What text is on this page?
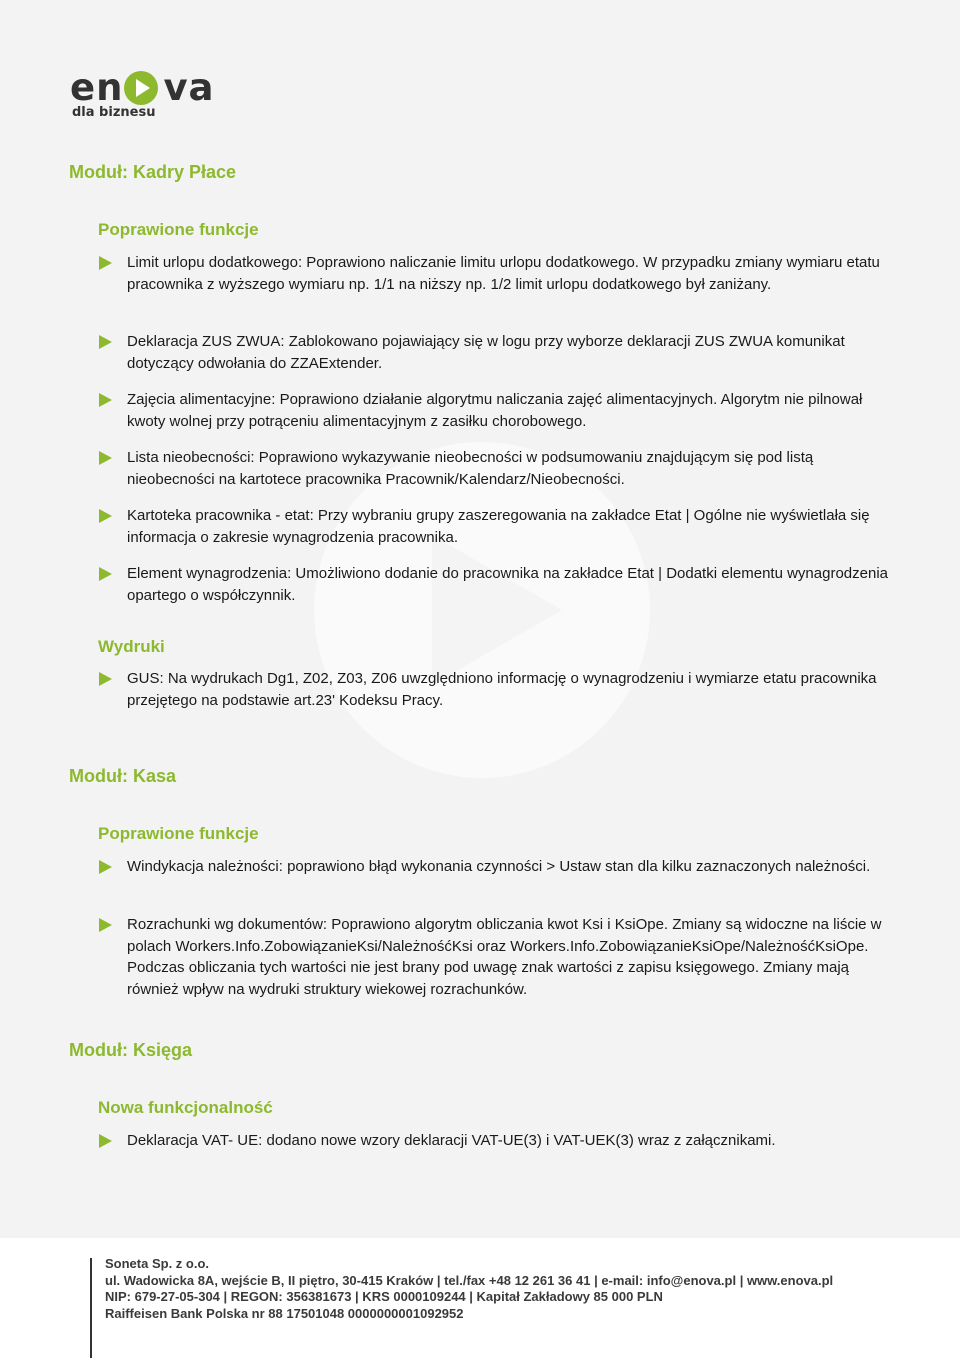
en va
dla biznesu
Moduł: Kadry Płace
Poprawione funkcje
Limit urlopu dodatkowego: Poprawiono naliczanie limitu urlopu dodatkowego. W przypadku zmiany wymiaru etatu pracownika z wyższego wymiaru np. 1/1 na niższy np. 1/2 limit urlopu dodatkowego był zaniżany.
Deklaracja ZUS ZWUA: Zablokowano pojawiający się w logu przy wyborze deklaracji ZUS ZWUA komunikat dotyczący odwołania do ZZAExtender.
Zajęcia alimentacyjne: Poprawiono działanie algorytmu naliczania zajęć alimentacyjnych. Algorytm nie pilnował kwoty wolnej przy potrąceniu alimentacyjnym z zasiłku chorobowego.
Lista nieobecności: Poprawiono wykazywanie nieobecności w podsumowaniu znajdującym się pod listą nieobecności na kartotece pracownika Pracownik/Kalendarz/Nieobecności.
Kartoteka pracownika - etat: Przy wybraniu grupy zaszeregowania na zakładce Etat | Ogólne nie wyświetlała się informacja o zakresie wynagrodzenia pracownika.
Element wynagrodzenia: Umożliwiono dodanie do pracownika na zakładce Etat | Dodatki elementu wynagrodzenia opartego o współczynnik.
Wydruki
GUS: Na wydrukach Dg1, Z02, Z03, Z06 uwzględniono informację o wynagrodzeniu i wymiarze etatu pracownika przejętego na podstawie art.23' Kodeksu Pracy.
Moduł: Kasa
Poprawione funkcje
Windykacja należności: poprawiono błąd wykonania czynności > Ustaw stan dla kilku zaznaczonych należności.
Rozrachunki wg dokumentów: Poprawiono algorytm obliczania kwot Ksi i KsiOpe. Zmiany są widoczne na liście w polach Workers.Info.ZobowiązanieKsi/NależnośćKsi oraz Workers.Info.ZobowiązanieKsiOpe/NależnośćKsiOpe. Podczas obliczania tych wartości nie jest brany pod uwagę znak wartości z zapisu księgowego. Zmiany mają również wpływ na wydruki struktury wiekowej rozrachunków.
Moduł: Księga
Nowa funkcjonalność
Deklaracja VAT- UE: dodano nowe wzory deklaracji VAT-UE(3) i VAT-UEK(3) wraz z załącznikami.
Soneta Sp. z o.o.
ul. Wadowicka 8A, wejście B, II piętro, 30-415 Kraków | tel./fax +48 12 261 36 41 | e-mail: info@enova.pl | www.enova.pl
NIP: 679-27-05-304 | REGON: 356381673 | KRS 0000109244 | Kapitał Zakładowy 85 000 PLN
Raiffeisen Bank Polska nr 88 17501048 0000000001092952
